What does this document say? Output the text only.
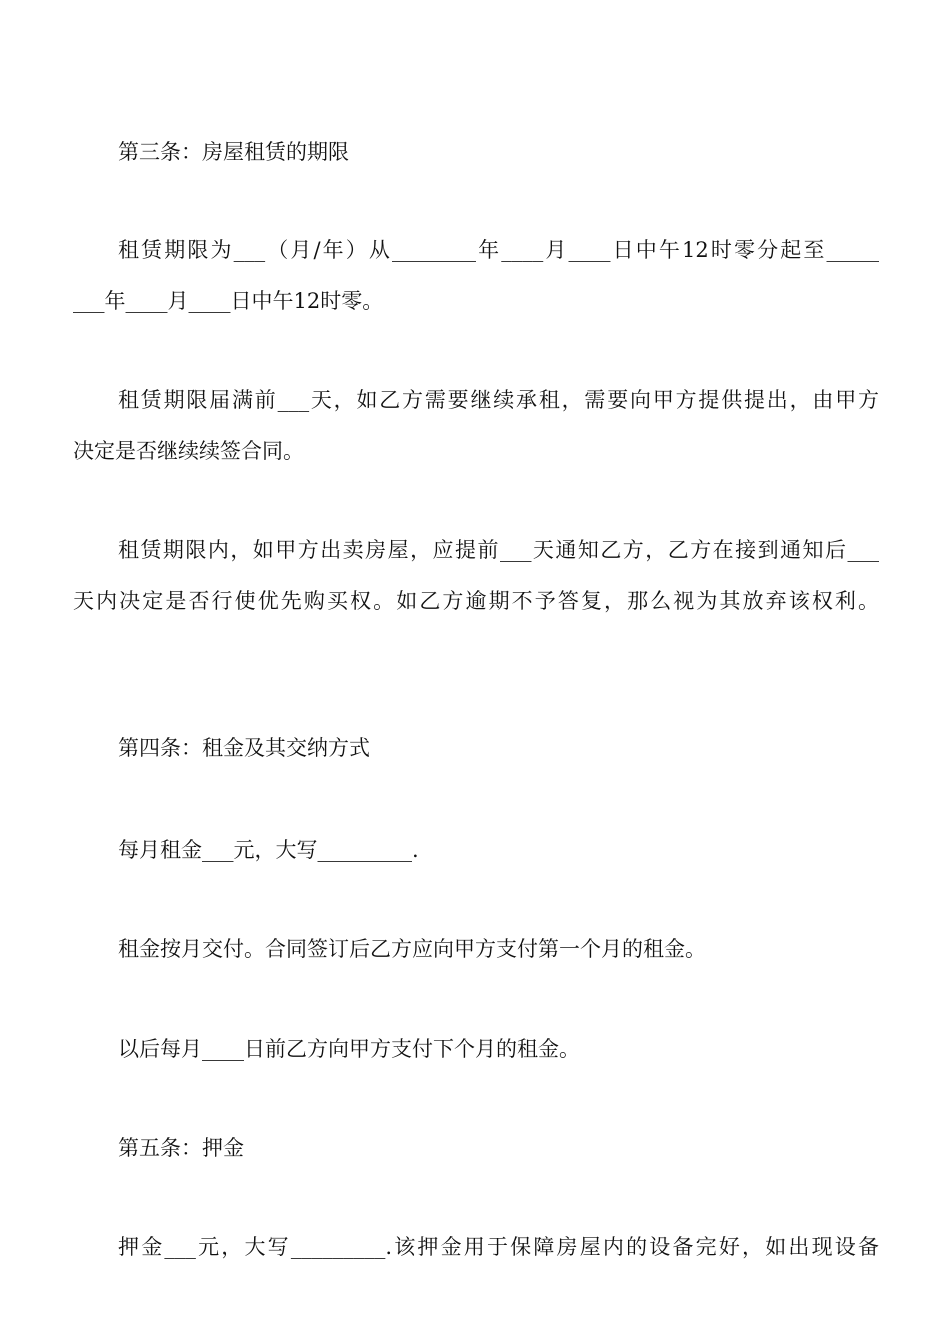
第三条：房屋租赁的期限
租赁期限为___（月/年）从________年____月____日中午12时零分起至_____
___年____月____日中午12时零。
租赁期限届满前___天，如乙方需要继续承租，需要向甲方提供提出，由甲方
决定是否继续续签合同。
租赁期限内，如甲方出卖房屋，应提前___天通知乙方，乙方在接到通知后___
天内决定是否行使优先购买权。如乙方逾期不予答复，那么视为其放弃该权利。
第四条：租金及其交纳方式
每月租金___元，大写_________.
租金按月交付。合同签订后乙方应向甲方支付第一个月的租金。
以后每月____日前乙方向甲方支付下个月的租金。
第五条：押金
押金___元，大写_________.该押金用于保障房屋内的设备完好，如出现设备
